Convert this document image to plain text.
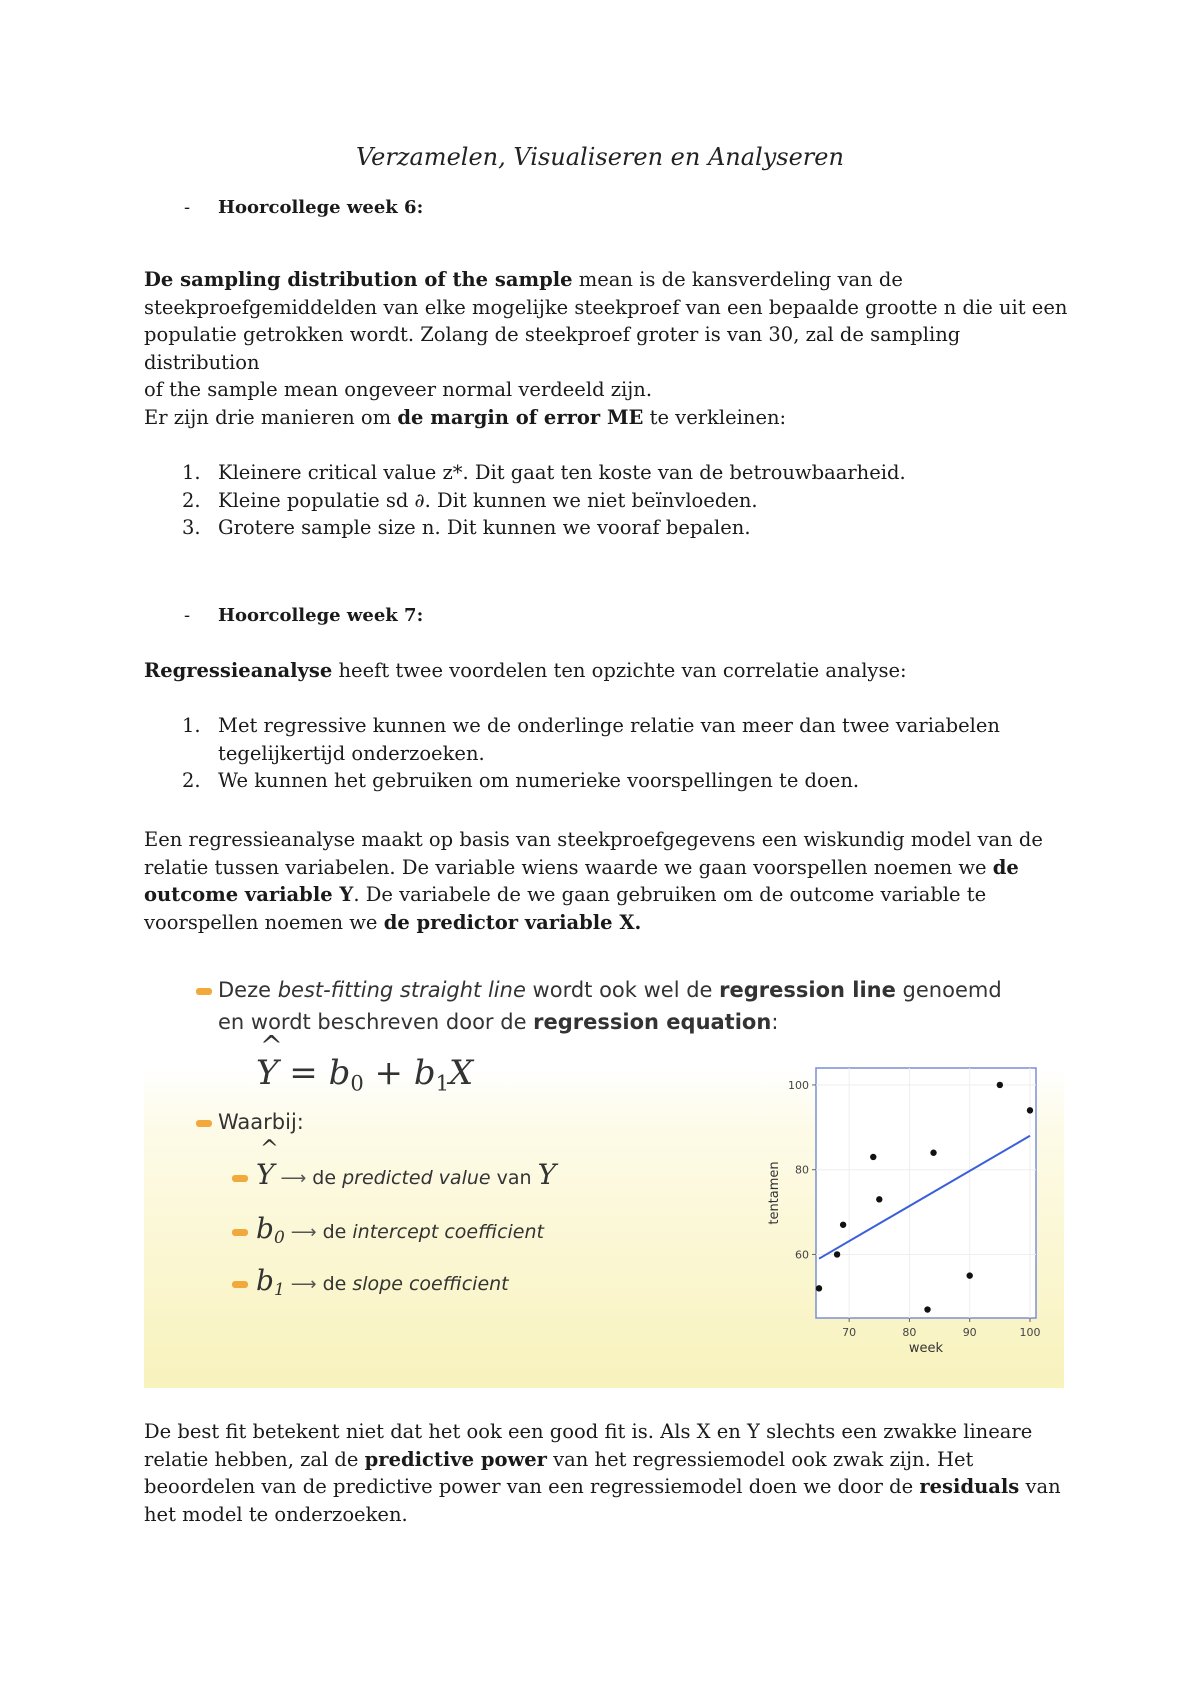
Verzamelen, Visualiseren en Analyseren
- Hoorcollege week 6:
De sampling distribution of the sample mean is de kansverdeling van de
steekproefgemiddelden van elke mogelijke steekproef van een bepaalde grootte n die uit een
populatie getrokken wordt. Zolang de steekproef groter is van 30, zal de sampling distribution
of the sample mean ongeveer normal verdeeld zijn.
Er zijn drie manieren om de margin of error ME te verkleinen:
1. Kleinere critical value z*. Dit gaat ten koste van de betrouwbaarheid.
2. Kleine populatie sd ∂. Dit kunnen we niet beïnvloeden.
3. Grotere sample size n. Dit kunnen we vooraf bepalen.
- Hoorcollege week 7:
Regressieanalyse heeft twee voordelen ten opzichte van correlatie analyse:
1. Met regressive kunnen we de onderlinge relatie van meer dan twee variabelen
tegelijkertijd onderzoeken.
2. We kunnen het gebruiken om numerieke voorspellingen te doen.
Een regressieanalyse maakt op basis van steekproefgegevens een wiskundig model van de
relatie tussen variabelen. De variable wiens waarde we gaan voorspellen noemen we de
outcome variable Y. De variabele de we gaan gebruiken om de outcome variable te
voorspellen noemen we de predictor variable X.
Deze best-fitting straight line wordt ook wel de regression line genoemd
en wordt beschreven door de regression equation:
^ $Y = b_0 + b_1X$
Waarbij:
^ Y ⟶ de predicted value van Y
b0 ⟶ de intercept coefficient
b1 ⟶ de slope coefficient
70	80	90	100
60
80
100
week
tentamen
De best fit betekent niet dat het ook een good fit is. Als X en Y slechts een zwakke lineare
relatie hebben, zal de predictive power van het regressiemodel ook zwak zijn. Het
beoordelen van de predictive power van een regressiemodel doen we door de residuals van
het model te onderzoeken.
